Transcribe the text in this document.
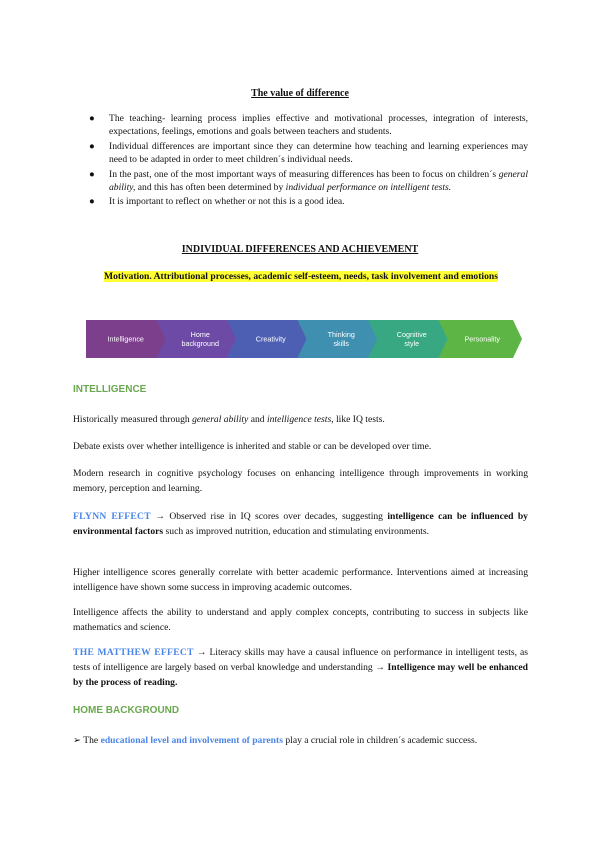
The value of difference
● The teaching- learning process implies effective and motivational processes, integration of interests, expectations, feelings, emotions and goals between teachers and students.
● Individual differences are important since they can determine how teaching and learning experiences may need to be adapted in order to meet children´s individual needs.
● In the past, one of the most important ways of measuring differences has been to focus on children´s general ability, and this has often been determined by individual performance on intelligent tests.
● It is important to reflect on whether or not this is a good idea.
INDIVIDUAL DIFFERENCES AND ACHIEVEMENT
Motivation. Attributional processes, academic self-esteem, needs, task involvement and emotions
Intelligence	Home
background	Creativity	Thinking
skills
Cognitive
style	Personality
INTELLIGENCE

Historically measured through general ability and intelligence tests, like IQ tests.

Debate exists over whether intelligence is inherited and stable or can be developed over time.

Modern research in cognitive psychology focuses on enhancing intelligence through improvements in working memory, perception and learning.

FLYNN EFFECT → Observed rise in IQ scores over decades, suggesting intelligence can be influenced by environmental factors such as improved nutrition, education and stimulating environments.

Higher intelligence scores generally correlate with better academic performance. Interventions aimed at increasing intelligence have shown some success in improving academic outcomes.

Intelligence affects the ability to understand and apply complex concepts, contributing to success in subjects like mathematics and science.

THE MATTHEW EFFECT → Literacy skills may have a causal influence on performance in intelligent tests, as tests of intelligence are largely based on verbal knowledge and understanding → Intelligence may well be enhanced by the process of reading.

HOME BACKGROUND

➢ The educational level and involvement of parents play a crucial role in children´s academic success.
